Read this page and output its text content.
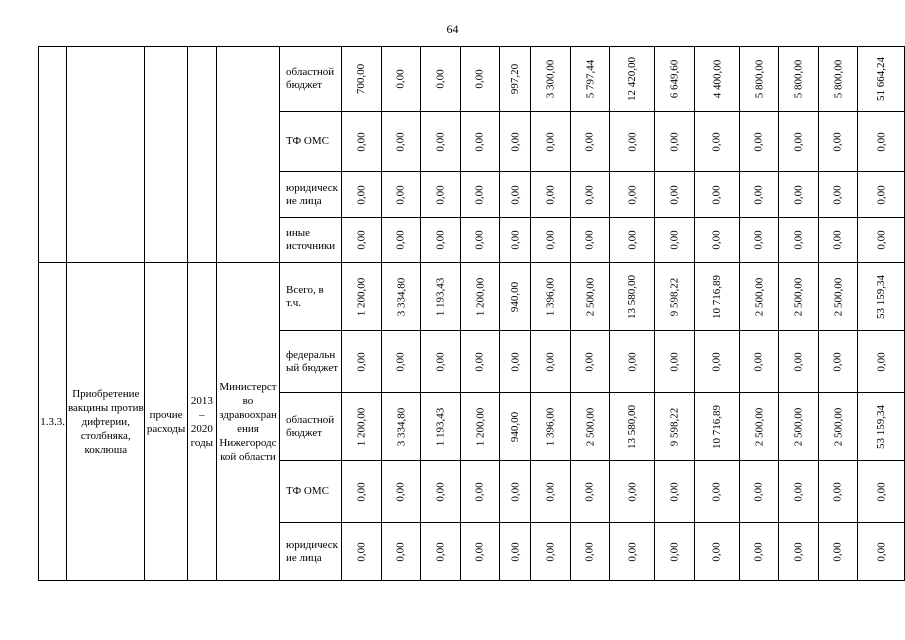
64
					областной бюджет	700,00	0,00	0,00	0,00	997,20	3 300,00	5 797,44	12 420,00	6 649,60	4 400,00	5 800,00	5 800,00	5 800,00	51 664,24
					ТФ ОМС	0,00	0,00	0,00	0,00	0,00	0,00	0,00	0,00	0,00	0,00	0,00	0,00	0,00	0,00
					юридическ ие лица	0,00	0,00	0,00	0,00	0,00	0,00	0,00	0,00	0,00	0,00	0,00	0,00	0,00	0,00
					иные источники	0,00	0,00	0,00	0,00	0,00	0,00	0,00	0,00	0,00	0,00	0,00	0,00	0,00	0,00
1.3.3.	Приобретение вакцины против дифтерии, столбняка, коклюша	прочие расходы	2013 – 2020 годы	Министерст во здравоохран ения Нижегородс кой области	Всего, в т.ч.	1 200,00	3 334,80	1 193,43	1 200,00	940,00	1 396,00	2 500,00	13 580,00	9 598,22	10 716,89	2 500,00	2 500,00	2 500,00	53 159,34
					федеральн ый бюджет	0,00	0,00	0,00	0,00	0,00	0,00	0,00	0,00	0,00	0,00	0,00	0,00	0,00	0,00
					областной бюджет	1 200,00	3 334,80	1 193,43	1 200,00	940,00	1 396,00	2 500,00	13 580,00	9 598,22	10 716,89	2 500,00	2 500,00	2 500,00	53 159,34
					ТФ ОМС	0,00	0,00	0,00	0,00	0,00	0,00	0,00	0,00	0,00	0,00	0,00	0,00	0,00	0,00
					юридическ ие лица	0,00	0,00	0,00	0,00	0,00	0,00	0,00	0,00	0,00	0,00	0,00	0,00	0,00	0,00
